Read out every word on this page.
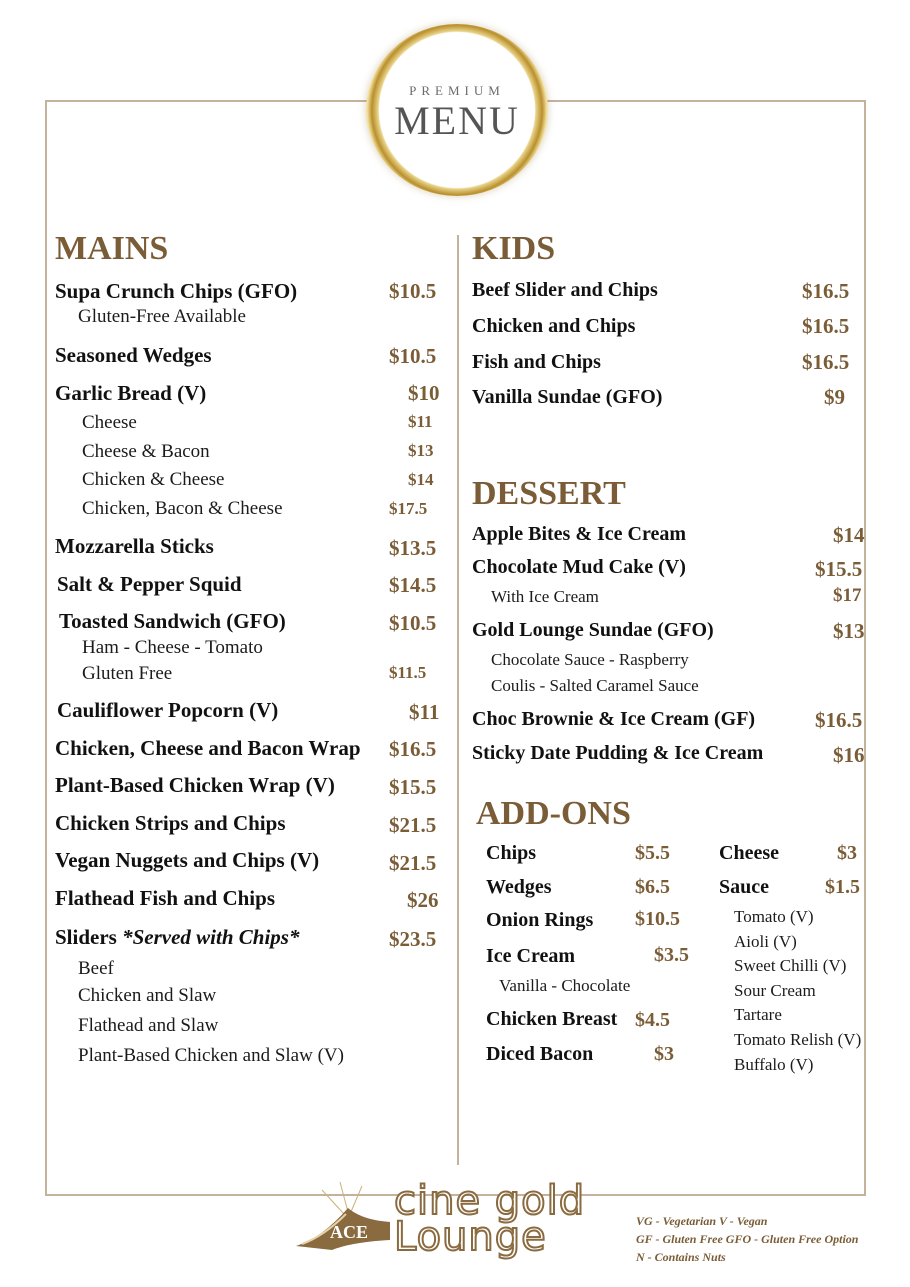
PREMIUM
MENU
MAINS
Supa Crunch Chips (GFO)	$10.5
Gluten-Free Available
Seasoned Wedges	$10.5
Garlic Bread (V)	$10
Cheese	$11
Cheese & Bacon	$13
Chicken & Cheese	$14
Chicken, Bacon & Cheese	$17.5
Mozzarella Sticks	$13.5
Salt & Pepper Squid	$14.5
Toasted Sandwich (GFO)	$10.5
Ham - Cheese - Tomato
Gluten Free	$11.5
Cauliflower Popcorn (V)	$11
Chicken, Cheese and Bacon Wrap $16.5
Plant-Based Chicken Wrap (V)	$15.5
Chicken Strips and Chips	$21.5
Vegan Nuggets and Chips (V)	$21.5
Flathead Fish and Chips	$26
Sliders *Served with Chips*	$23.5
Beef
Chicken and Slaw
Flathead and Slaw
Plant-Based Chicken and Slaw (V)
KIDS
Beef Slider and Chips	$16.5
Chicken and Chips	$16.5
Fish and Chips	$16.5
Vanilla Sundae (GFO)	$9
DESSERT
Apple Bites & Ice Cream	$14
Chocolate Mud Cake (V)	$15.5
With Ice Cream	$17
Gold Lounge Sundae (GFO)	$13
Chocolate Sauce - Raspberry
Coulis - Salted Caramel Sauce
Choc Brownie & Ice Cream (GF)	$16.5
Sticky Date Pudding & Ice Cream	$16
ADD-ONS
Chips	$5.5
Wedges	$6.5
Onion Rings $10.5
Ice Cream	$3.5
Vanilla - Chocolate
Chicken Breast $4.5
Diced Bacon	$3
Cheese	$3
Sauce	$1.5
Tomato (V)
Aioli (V)
Sweet Chilli (V)
Sour Cream
Tartare
Tomato Relish (V)
Buffalo (V)
ACE
cine gold
Lounge	VG - Vegetarian V - Vegan
GF - Gluten Free GFO - Gluten Free Option
N - Contains Nuts
